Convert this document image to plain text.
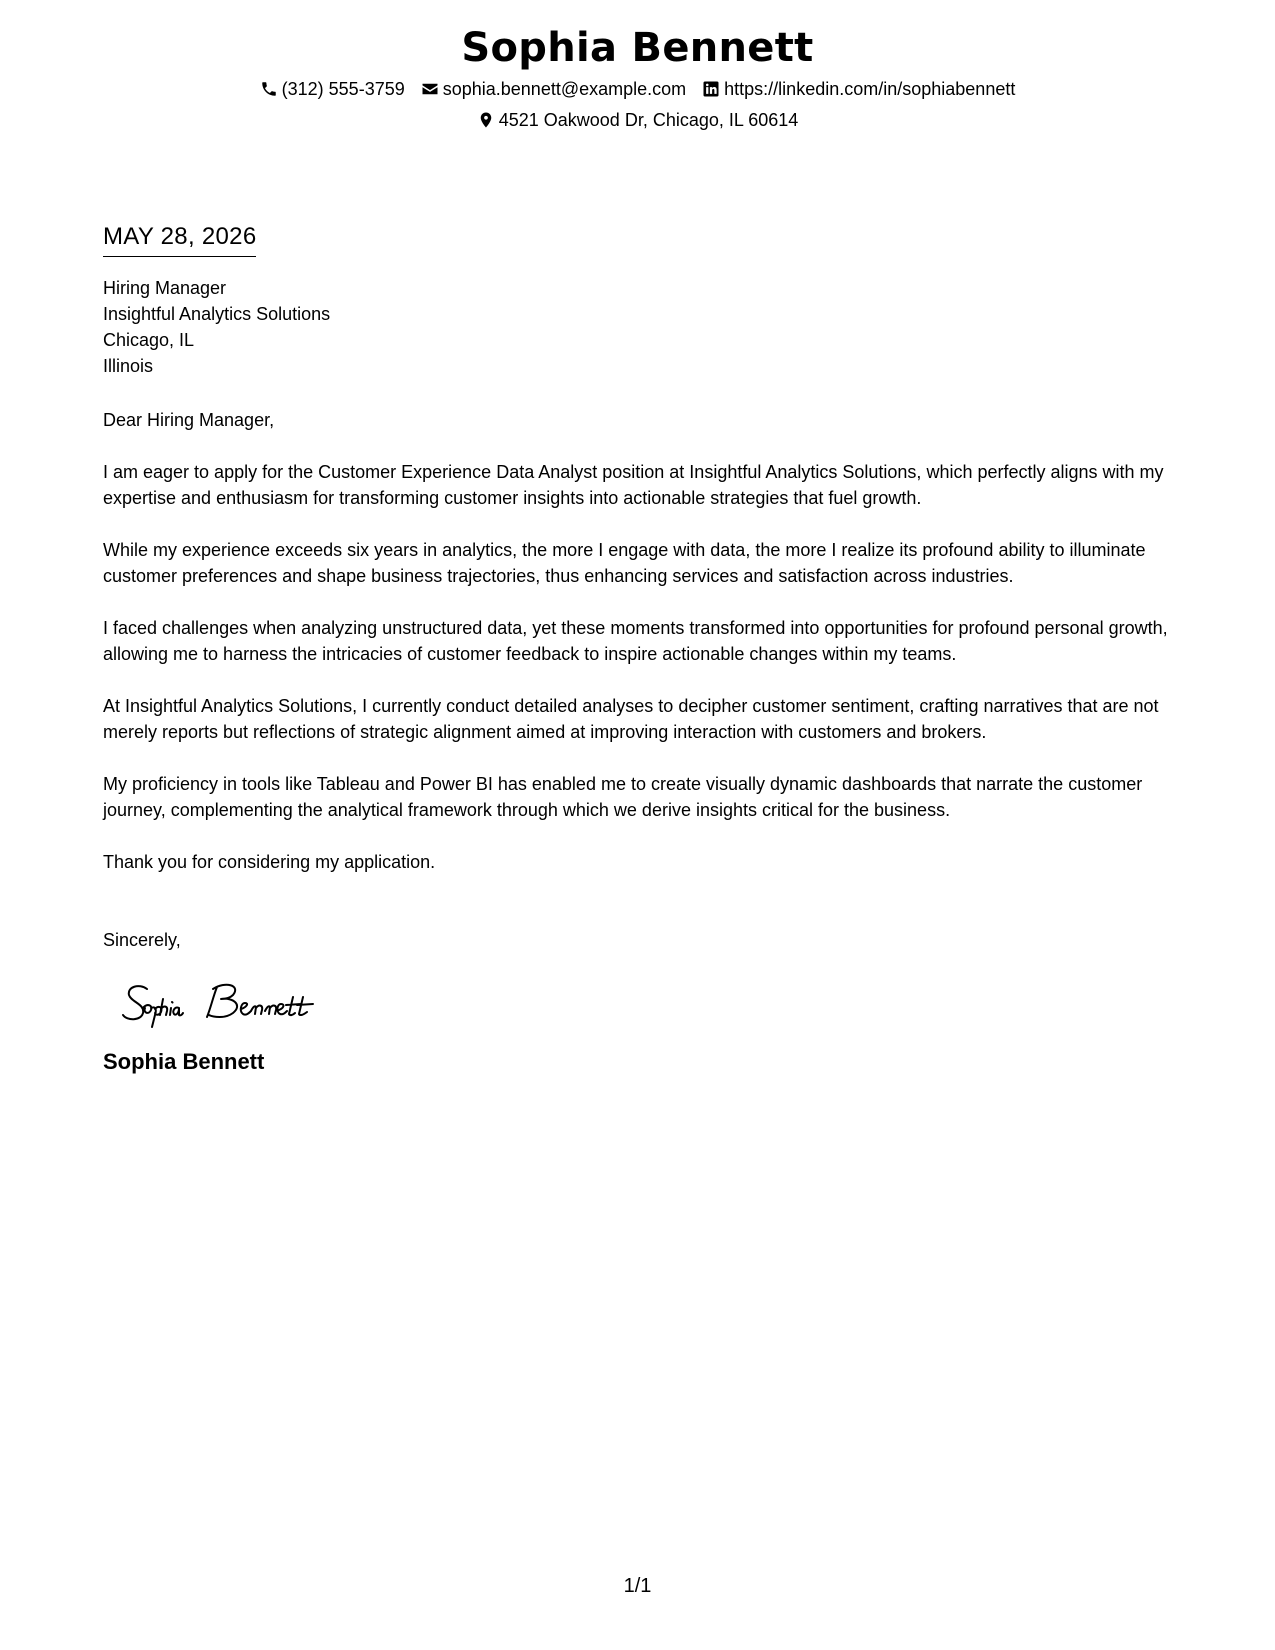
Sophia Bennett
(312) 555-3759 sophia.bennett@example.com https://linkedin.com/in/sophiabennett
4521 Oakwood Dr, Chicago, IL 60614
MAY 28, 2026
Hiring Manager
Insightful Analytics Solutions
Chicago, IL
Illinois
Dear Hiring Manager,

I am eager to apply for the Customer Experience Data Analyst position at Insightful Analytics Solutions, which perfectly aligns with my expertise and enthusiasm for transforming customer insights into actionable strategies that fuel growth.

While my experience exceeds six years in analytics, the more I engage with data, the more I realize its profound ability to illuminate customer preferences and shape business trajectories, thus enhancing services and satisfaction across industries.

I faced challenges when analyzing unstructured data, yet these moments transformed into opportunities for profound personal growth, allowing me to harness the intricacies of customer feedback to inspire actionable changes within my teams.

At Insightful Analytics Solutions, I currently conduct detailed analyses to decipher customer sentiment, crafting narratives that are not merely reports but reflections of strategic alignment aimed at improving interaction with customers and brokers.

My proficiency in tools like Tableau and Power BI has enabled me to create visually dynamic dashboards that narrate the customer journey, complementing the analytical framework through which we derive insights critical for the business.

Thank you for considering my application.

Sincerely,
Sophia Bennett
1/1
